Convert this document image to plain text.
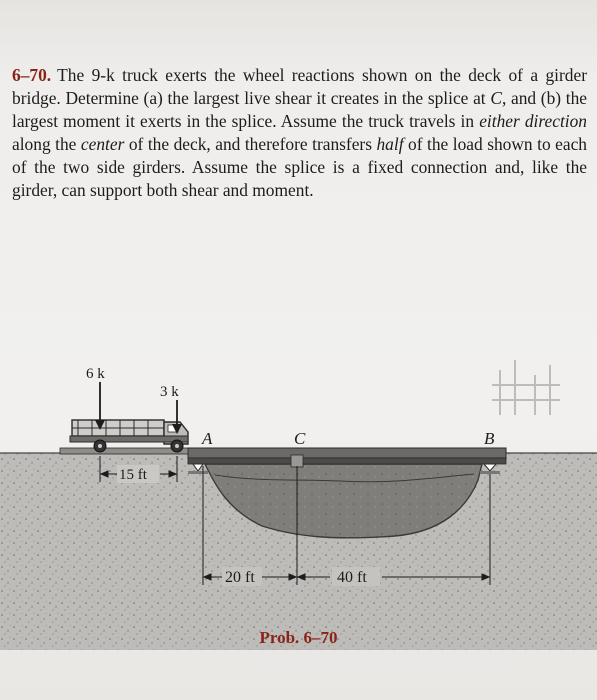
6–70. The 9-k truck exerts the wheel reactions shown on the deck of a girder bridge. Determine (a) the largest live shear it creates in the splice at C, and (b) the largest moment it exerts in the splice. Assume the truck travels in either direction along the center of the deck, and therefore transfers half of the load shown to each of the two side girders. Assume the splice is a fixed connection and, like the girder, can support both shear and moment.
6 k
3 k
A	C	B
15 ft
20 ft	40 ft
Prob. 6–70
